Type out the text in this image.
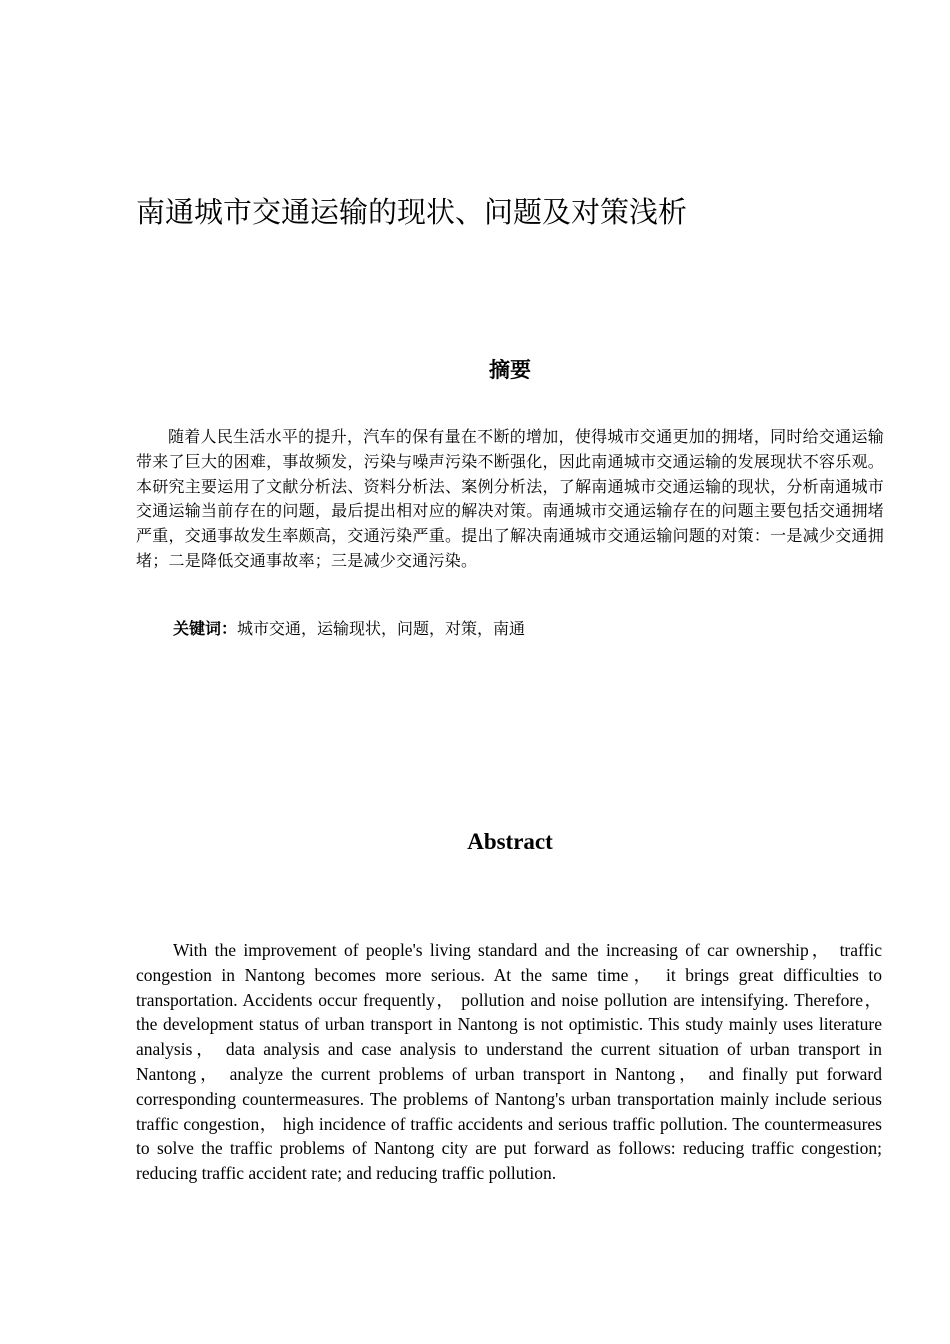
南通城市交通运输的现状、问题及对策浅析
摘要

随着人民生活水平的提升，汽车的保有量在不断的增加，使得城市交通更加的拥堵，同时给交通运输带来了巨大的困难，事故频发，污染与噪声污染不断强化，因此南通城市交通运输的发展现状不容乐观。本研究主要运用了文献分析法、资料分析法、案例分析法，了解南通城市交通运输的现状，分析南通城市交通运输当前存在的问题，最后提出相对应的解决对策。南通城市交通运输存在的问题主要包括交通拥堵严重，交通事故发生率颇高，交通污染严重。提出了解决南通城市交通运输问题的对策：一是减少交通拥堵；二是降低交通事故率；三是减少交通污染。

关键词：城市交通，运输现状，问题，对策，南通

Abstract

With the improvement of people's living standard and the increasing of car ownership， traffic congestion in Nantong becomes more serious. At the same time， it brings great difficulties to transportation. Accidents occur frequently， pollution and noise pollution are intensifying. Therefore， the development status of urban transport in Nantong is not optimistic. This study mainly uses literature analysis， data analysis and case analysis to understand the current situation of urban transport in Nantong， analyze the current problems of urban transport in Nantong， and finally put forward corresponding countermeasures. The problems of Nantong's urban transportation mainly include serious traffic congestion， high incidence of traffic accidents and serious traffic pollution. The countermeasures to solve the traffic problems of Nantong city are put forward as follows: reducing traffic congestion; reducing traffic accident rate; and reducing traffic pollution.
